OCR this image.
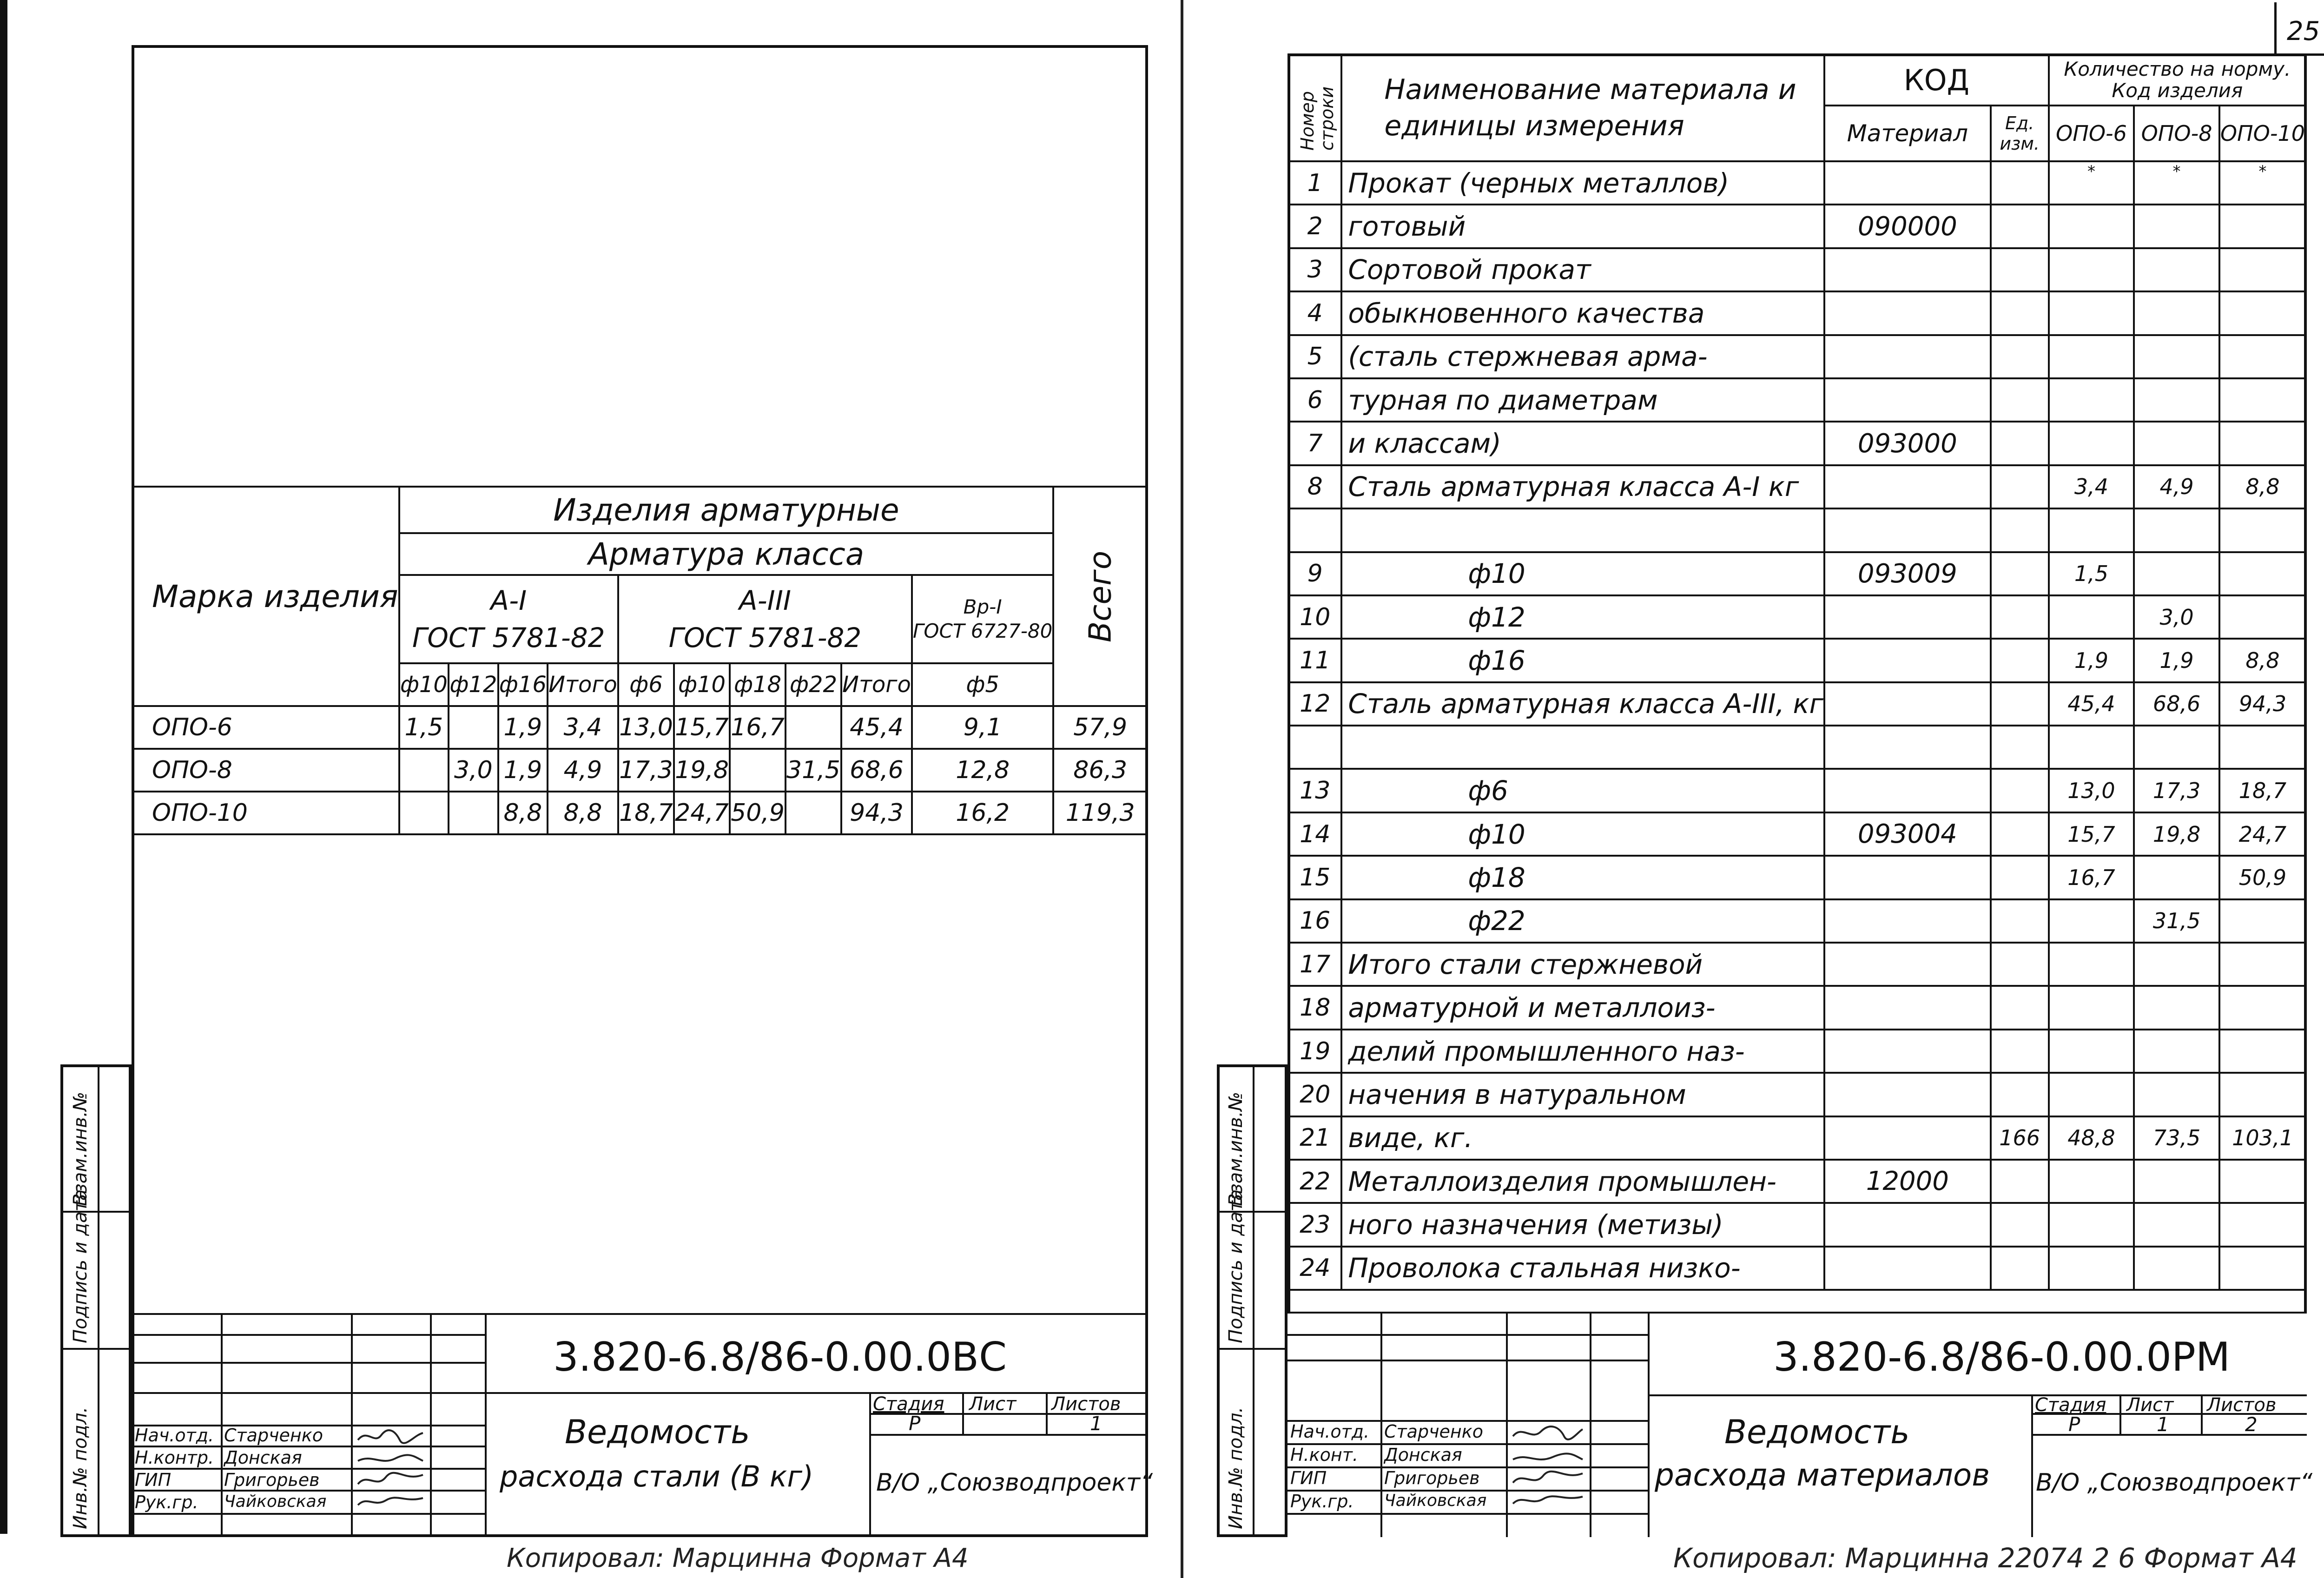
Инв.№ подл.
Подпись и дата
Взам.инв.№
Марка изделия	Изделия арматурные										Всего

	Арматура класса										
	А-I
ГОСТ 5781-82				А-III
ГОСТ 5781-82					Вр-I
ГОСТ 6727-80	
	ф10	ф12	ф16	Итого	ф6	ф10	ф18	ф22	Итого	ф5	
ОПО-6	1,5		1,9	3,4	13,0	15,7	16,7		45,4	9,1	57,9
ОПО-8		3,0	1,9	4,9	17,3	19,8		31,5	68,6	12,8	86,3
ОПО-10			8,8	8,8	18,7	24,7	50,9		94,3	16,2	119,3
3.820-6.8/86-0.00.0ВС
Ведомость
расхода стали (В кг)
Стадия Лист Листов
Р	1
В/О „Союзводпроект“
Нач.отд.
Н.контр.
ГИП
Рук.гр.
Старченко
Донская
Григорьев
Чайковская
Копировал: Марцинна Формат А4
25
Инв.№ подл.
Подпись и дата
Взам.инв.№
Номер строки	Наименование материала и единицы измерения	КОД		Количество на норму. Код изделия		
		Материал	Ед. изм.	ОПО-6	ОПО-8	ОПО-10
1	Прокат (черных металлов)			*	*	*
2	готовый	090000				
3	Сортовой прокат					
4	обыкновенного качества					
5	(сталь стержневая арма-					
6	турная по диаметрам					
7	и классам)	093000				
8	Сталь арматурная класса А-I кг			3,4	4,9	8,8

9	ф10	093009		1,5		
10	ф12				3,0	
11	ф16			1,9	1,9	8,8
12	Сталь арматурная класса А-III, кг			45,4	68,6	94,3

13	ф6			13,0	17,3	18,7
14	ф10	093004		15,7	19,8	24,7
15	ф18			16,7		50,9
16	ф22				31,5	
17	Итого стали стержневой					
18	арматурной и металлоиз-					
19	делий промышленного наз-					
20	начения в натуральном					
21	виде, кг.		166	48,8	73,5	103,1
22	Металлоизделия промышлен-	12000				
23	ного назначения (метизы)					
24	Проволока стальная низко-					
3.820-6.8/86-0.00.0РМ
Ведомость
расхода материалов
Стадия Лист Листов
Р	1	2
В/О „Союзводпроект“
Нач.отд.
Н.конт.
ГИП
Рук.гр.
Старченко
Донская
Григорьев
Чайковская
Копировал: Марцинна 22074 2 6 Формат А4
